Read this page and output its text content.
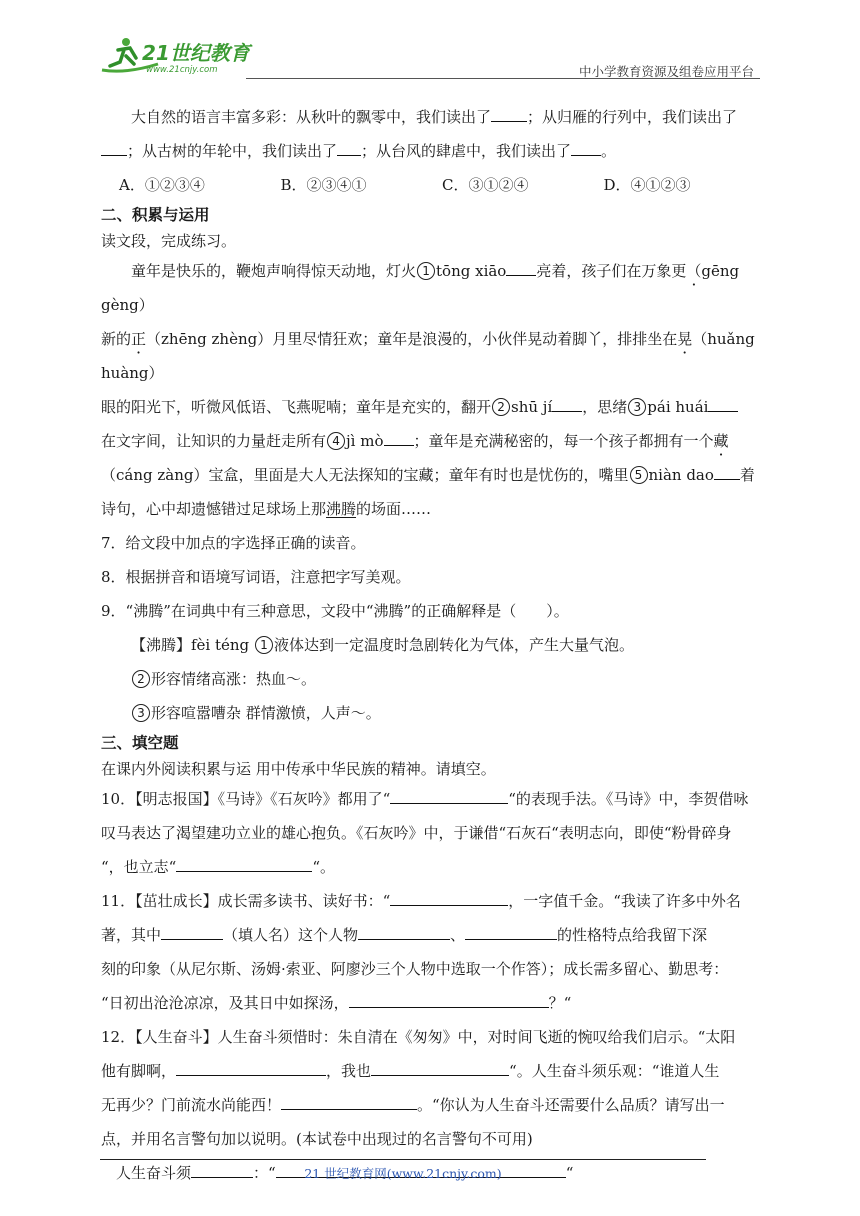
21世纪教育
www.21cnjy.com	中小学教育资源及组卷应用平台

大自然的语言丰富多彩：从秋叶的飘零中，我们读出了 ；从归雁的行列中，我们读出了

；从古树的年轮中，我们读出了 ；从台风的肆虐中，我们读出了 。

A．①②③④	B．②③④①	C．③①②④	D．④①②③

二、积累与运用

读文段，完成练习。

童年是快乐的，鞭炮声响得惊天动地，灯火 1 tōng xiāo 亮着，孩子们在万象更（gēng gèng）

新的正（zhēng zhèng）月里尽情狂欢；童年是浪漫的，小伙伴晃动着脚丫，排排坐在晃（huǎng huàng）

眼的阳光下，听微风低语、飞燕呢喃；童年是充实的，翻开 2 shū jí ，思绪 3 pái huái

在文字间，让知识的力量赶走所有 4 jì mò ；童年是充满秘密的，每一个孩子都拥有一个藏

（cáng zàng）宝盒，里面是大人无法探知的宝藏；童年有时也是忧伤的，嘴里 5 niàn dao 着

诗句，心中却遗憾错过足球场上那沸腾的场面……

7．给文段中加点的字选择正确的读音。

8．根据拼音和语境写词语，注意把字写美观。

9．“沸腾”在词典中有三种意思，文段中“沸腾”的正确解释是（　　）。

【沸腾】fèi téng 1 液体达到一定温度时急剧转化为气体，产生大量气泡。

2 形容情绪高涨：热血～。

3 形容喧嚣嘈杂 群情激愤，人声～。

三、填空题

在课内外阅读积累与运 用中传承中华民族的精神。请填空。

10．【明志报国】《马诗》《石灰吟》都用了“	“的表现手法。《马诗》中，李贺借咏

叹马表达了渴望建功立业的雄心抱负。《石灰吟》中，于谦借“石灰石“表明志向，即使“粉骨碎身

“，也立志“	“。

11．【茁壮成长】成长需多读书、读好书：“	，一字值千金。“我读了许多中外名

著，其中	（填人名）这个人物	、	的性格特点给我留下深

刻的印象（从尼尔斯、汤姆·索亚、阿廖沙三个人物中选取一个作答）；成长需多留心、勤思考：

“日初出沧沧凉凉，及其日中如探汤，	？“

12．【人生奋斗】人生奋斗须惜时：朱自清在《匆匆》中，对时间飞逝的惋叹给我们启示。“太阳

他有脚啊，	，我也	“。人生奋斗须乐观：“谁道人生

无再少？门前流水尚能西！	。“你认为人生奋斗还需要什么品质？请写出一

点，并用名言警句加以说明。(本试卷中出现过的名言警句不可用)

人生奋斗须	：“	“

21 世纪教育网(www.21cnjy.com)
